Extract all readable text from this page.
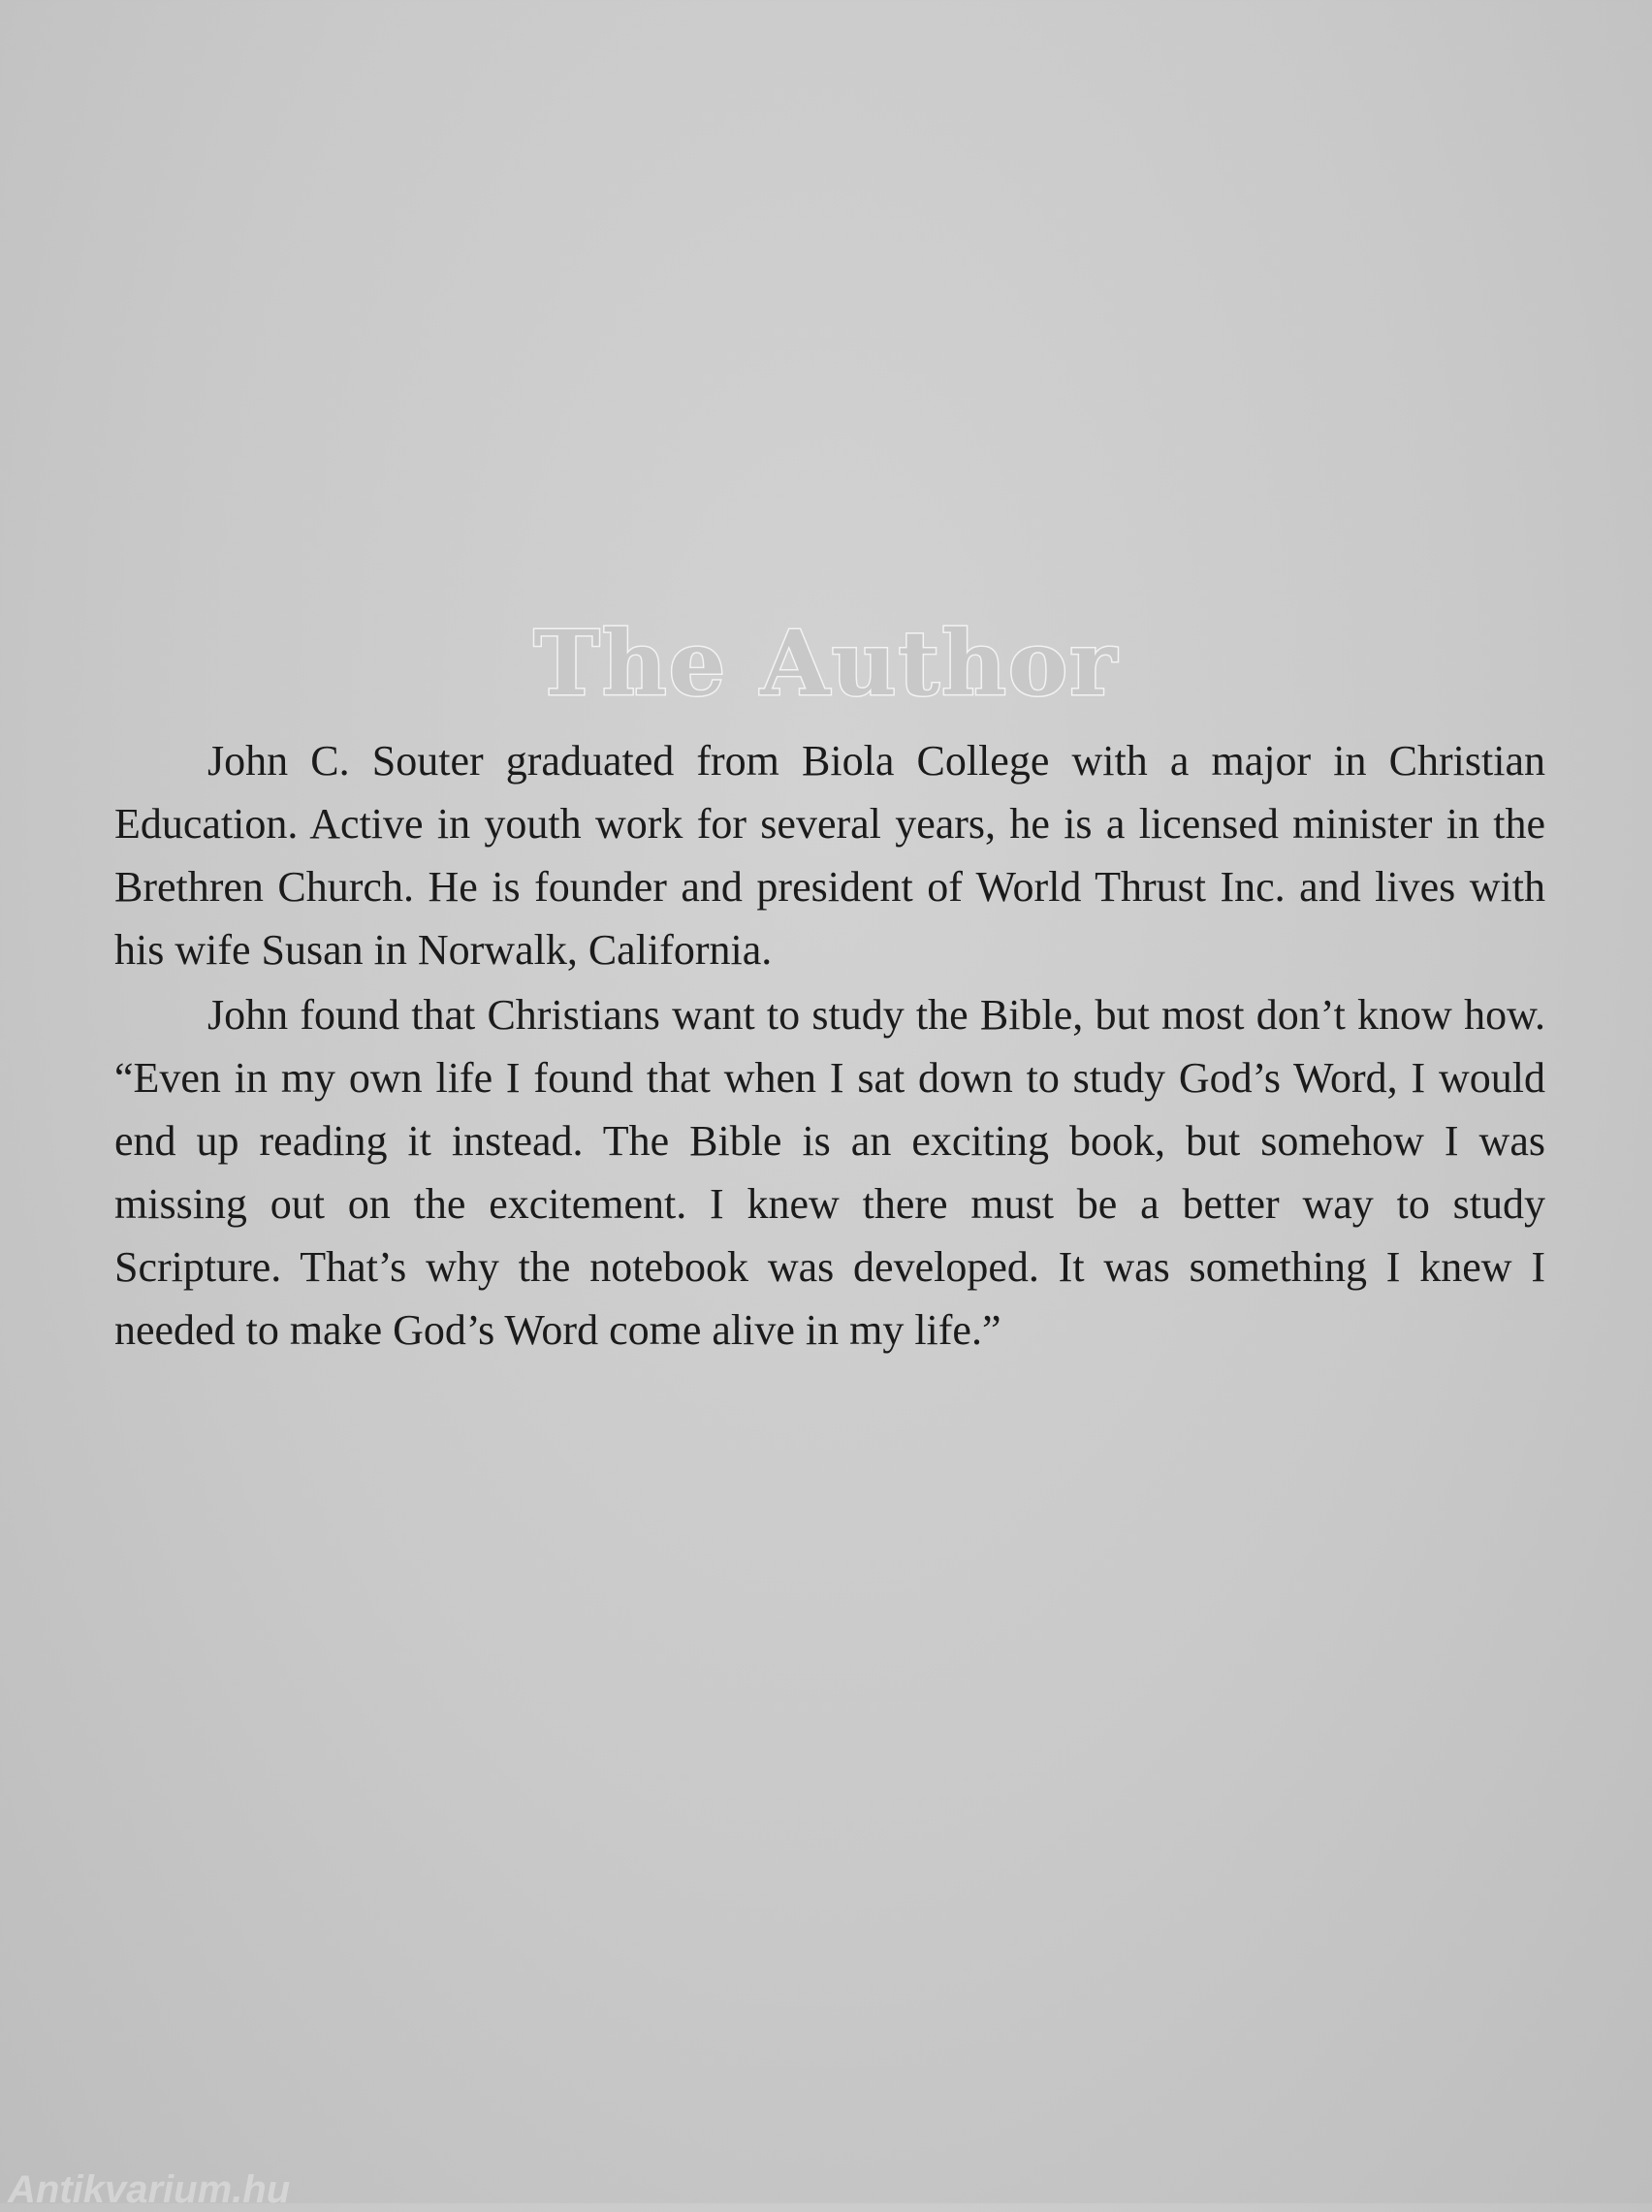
The Author

John C. Souter graduated from Biola College with a major in Christian Education. Active in youth work for several years, he is a licensed minister in the Brethren Church. He is founder and president of World Thrust Inc. and lives with his wife Susan in Norwalk, California.

John found that Christians want to study the Bible, but most don’t know how. “Even in my own life I found that when I sat down to study God’s Word, I would end up reading it instead. The Bible is an exciting book, but somehow I was missing out on the excitement. I knew there must be a better way to study Scripture. That’s why the notebook was developed. It was something I knew I needed to make God’s Word come alive in my life.”

Antikvarium.hu
